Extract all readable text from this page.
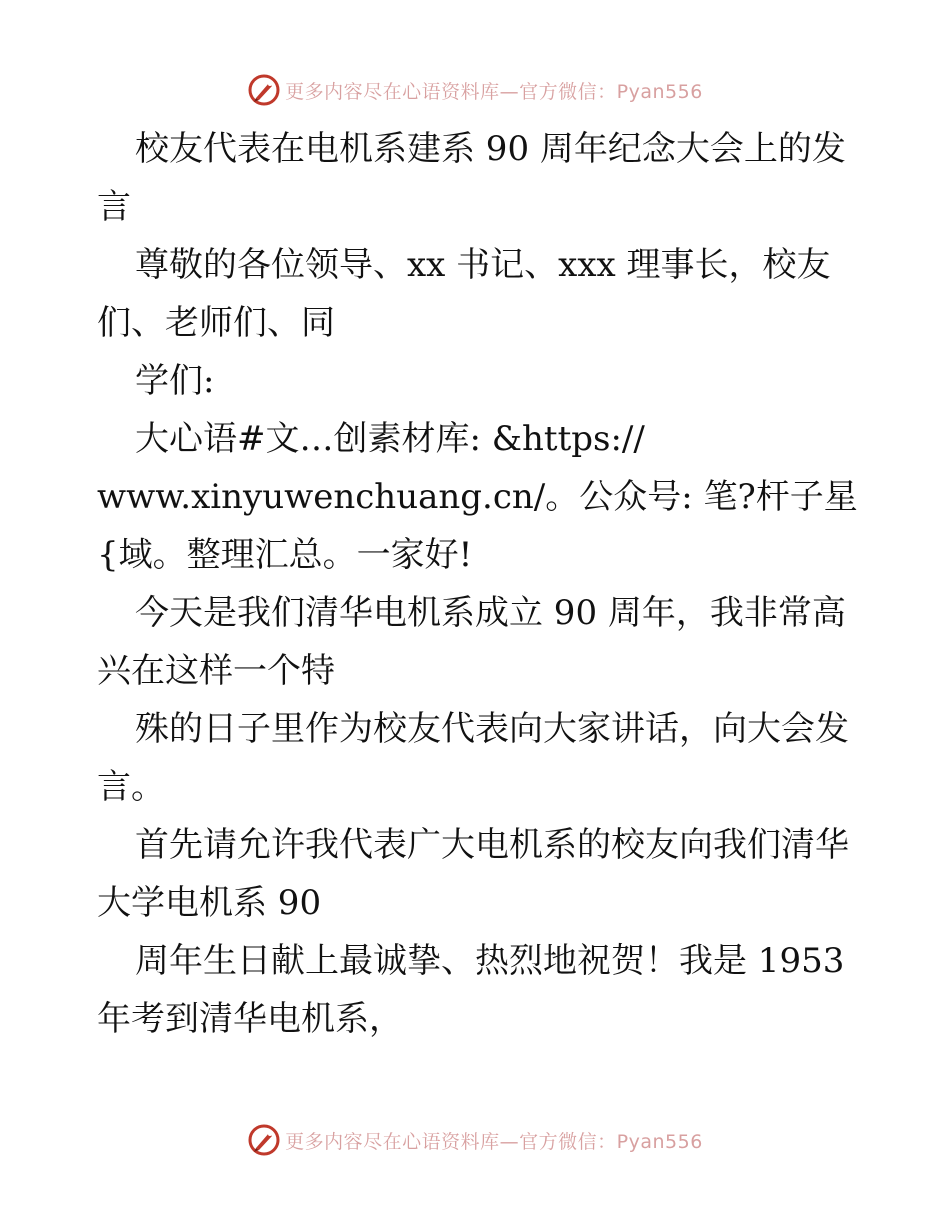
更多内容尽在心语资料库—官方微信：Pyan556

校友代表在电机系建系 90 周年纪念大会上的发

言

尊敬的各位领导、xx 书记、xxx 理事长，校友

们、老师们、同

学们:

大心语#文…创素材库: &https://

www.xinyuwenchuang.cn/。公众号: 笔?杆子星

{域。整理汇总。一家好!

今天是我们清华电机系成立 90 周年，我非常高

兴在这样一个特

殊的日子里作为校友代表向大家讲话，向大会发

言。

首先请允许我代表广大电机系的校友向我们清华

大学电机系 90

周年生日献上最诚挚、热烈地祝贺！我是 1953

年考到清华电机系，

更多内容尽在心语资料库—官方微信：Pyan556
